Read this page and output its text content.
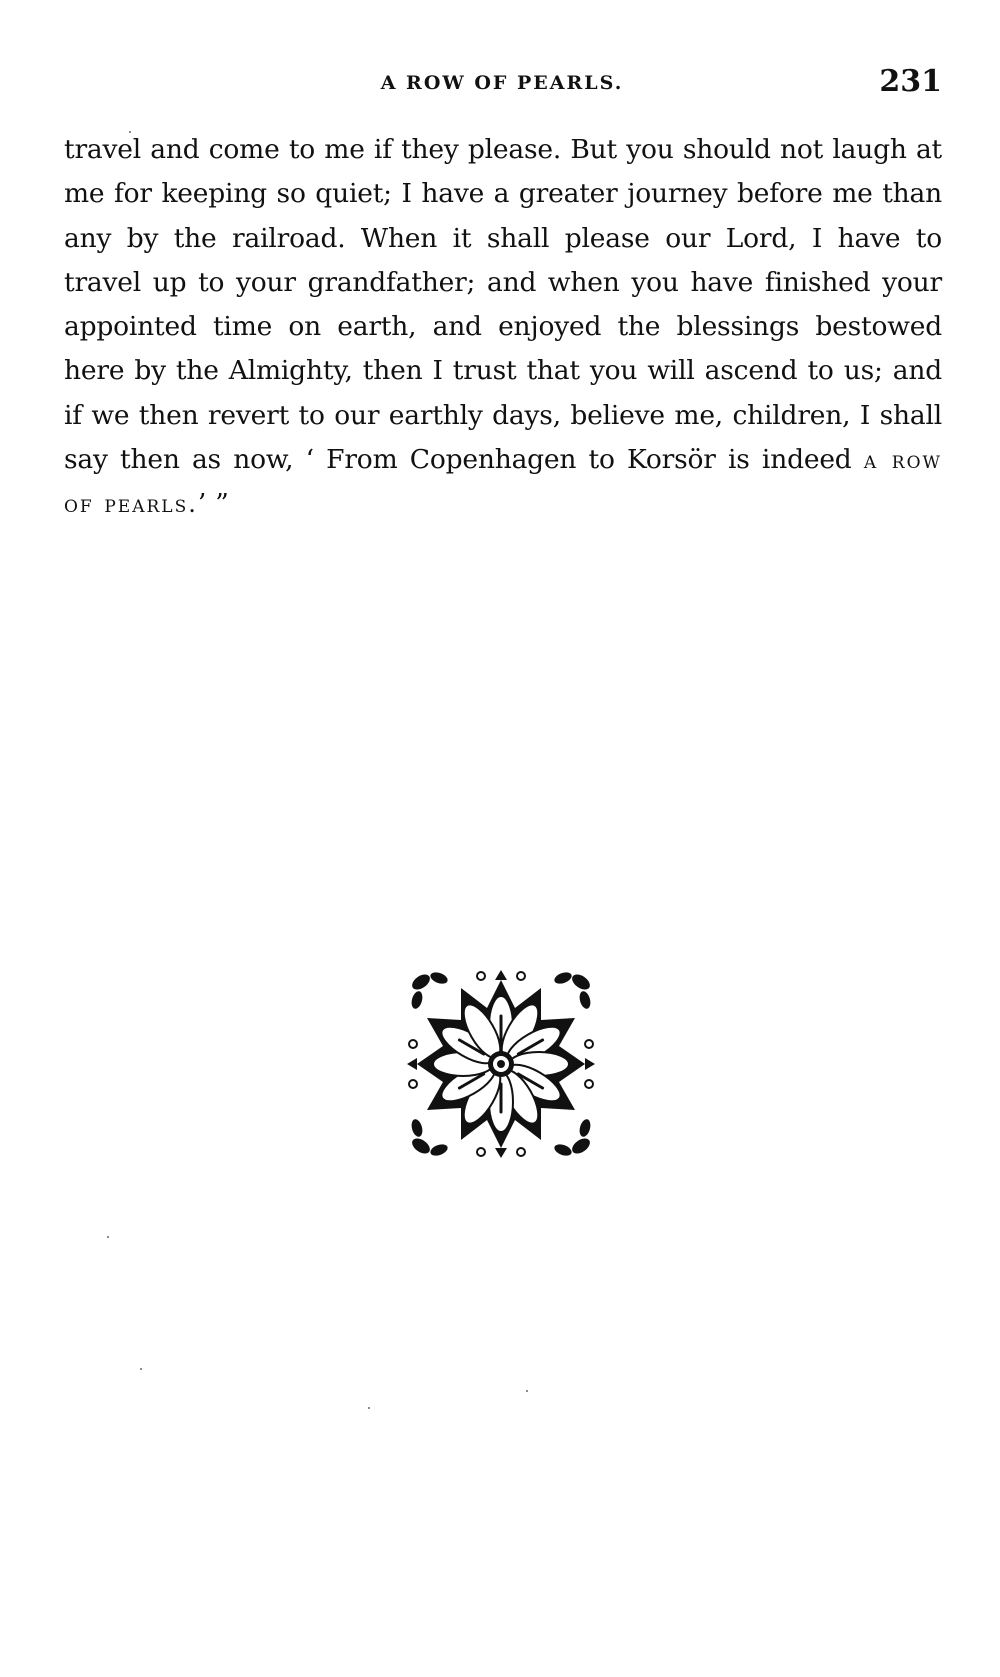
A ROW OF PEARLS.	231

travel and come to me if they please. But you should not laugh at me for keeping so quiet; I have a greater journey before me than any by the railroad. When it shall please our Lord, I have to travel up to your grandfather; and when you have finished your appointed time on earth, and enjoyed the blessings bestowed here by the Almighty, then I trust that you will ascend to us; and if we then revert to our earthly days, believe me, children, I shall say then as now, ‘ From Copenhagen to Korsör is indeed a row of pearls.’ ”
